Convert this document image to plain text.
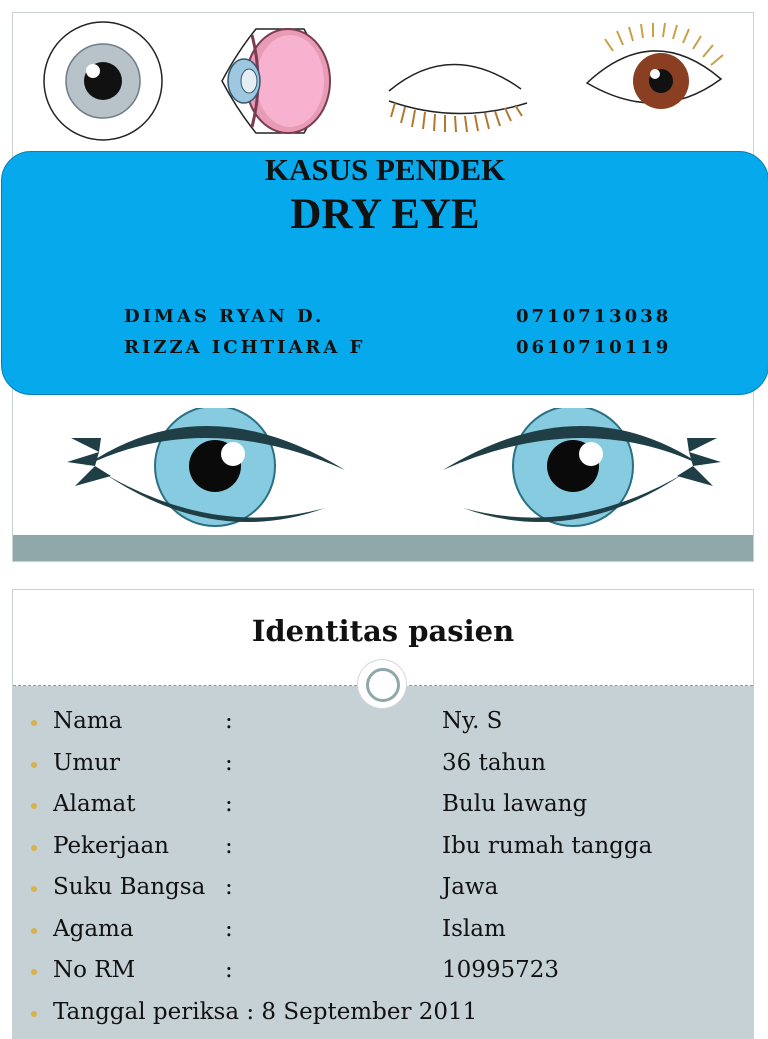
KASUS PENDEK
DRY EYE
DIMAS RYAN D.	0710713038
RIZZA ICHTIARA F	0610710119
Identitas pasien
Nama	:	Ny. S
Umur	:	36 tahun
Alamat	:	Bulu lawang
Pekerjaan :	Ibu rumah tangga
Suku Bangsa :	Jawa
Agama	:	Islam
No RM	:	10995723
Tanggal periksa : 8 September 2011
